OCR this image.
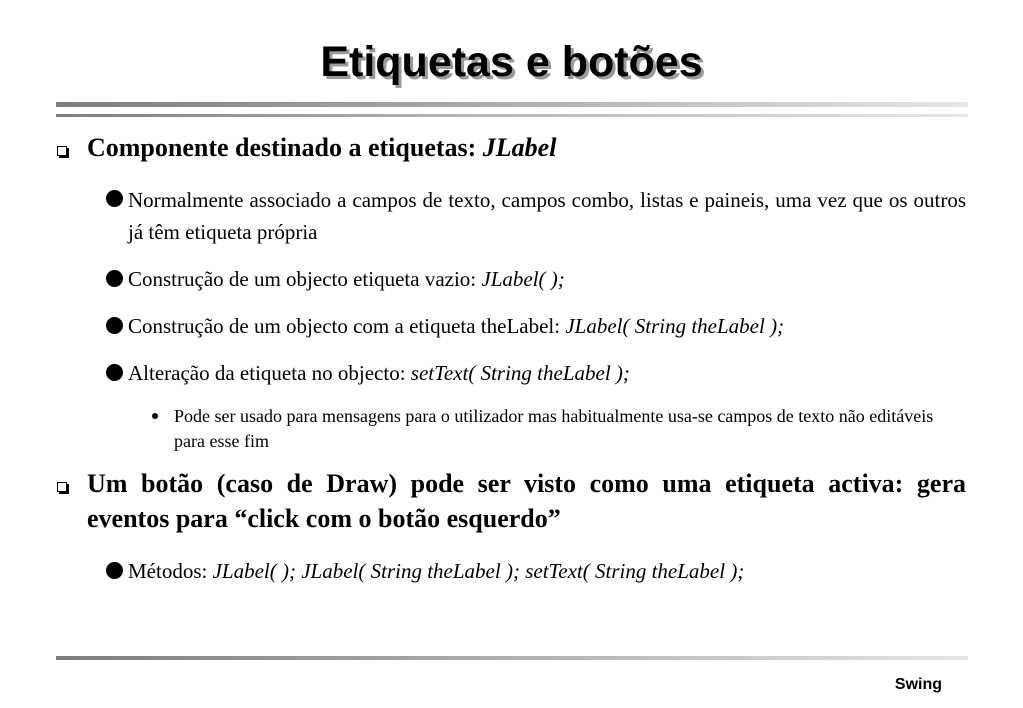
Etiquetas e botões
Componente destinado a etiquetas: JLabel
Normalmente associado a campos de texto, campos combo, listas e paineis, uma vez que os outros já têm etiqueta própria
Construção de um objecto etiqueta vazio: JLabel( );
Construção de um objecto com a etiqueta theLabel: JLabel( String theLabel );
Alteração da etiqueta no objecto: setText( String theLabel );
Pode ser usado para mensagens para o utilizador mas habitualmente usa-se campos de texto não editáveis para esse fim
Um botão (caso de Draw) pode ser visto como uma etiqueta activa: gera eventos para “click com o botão esquerdo”
Métodos: JLabel( ); JLabel( String theLabel ); setText( String theLabel );
Swing
